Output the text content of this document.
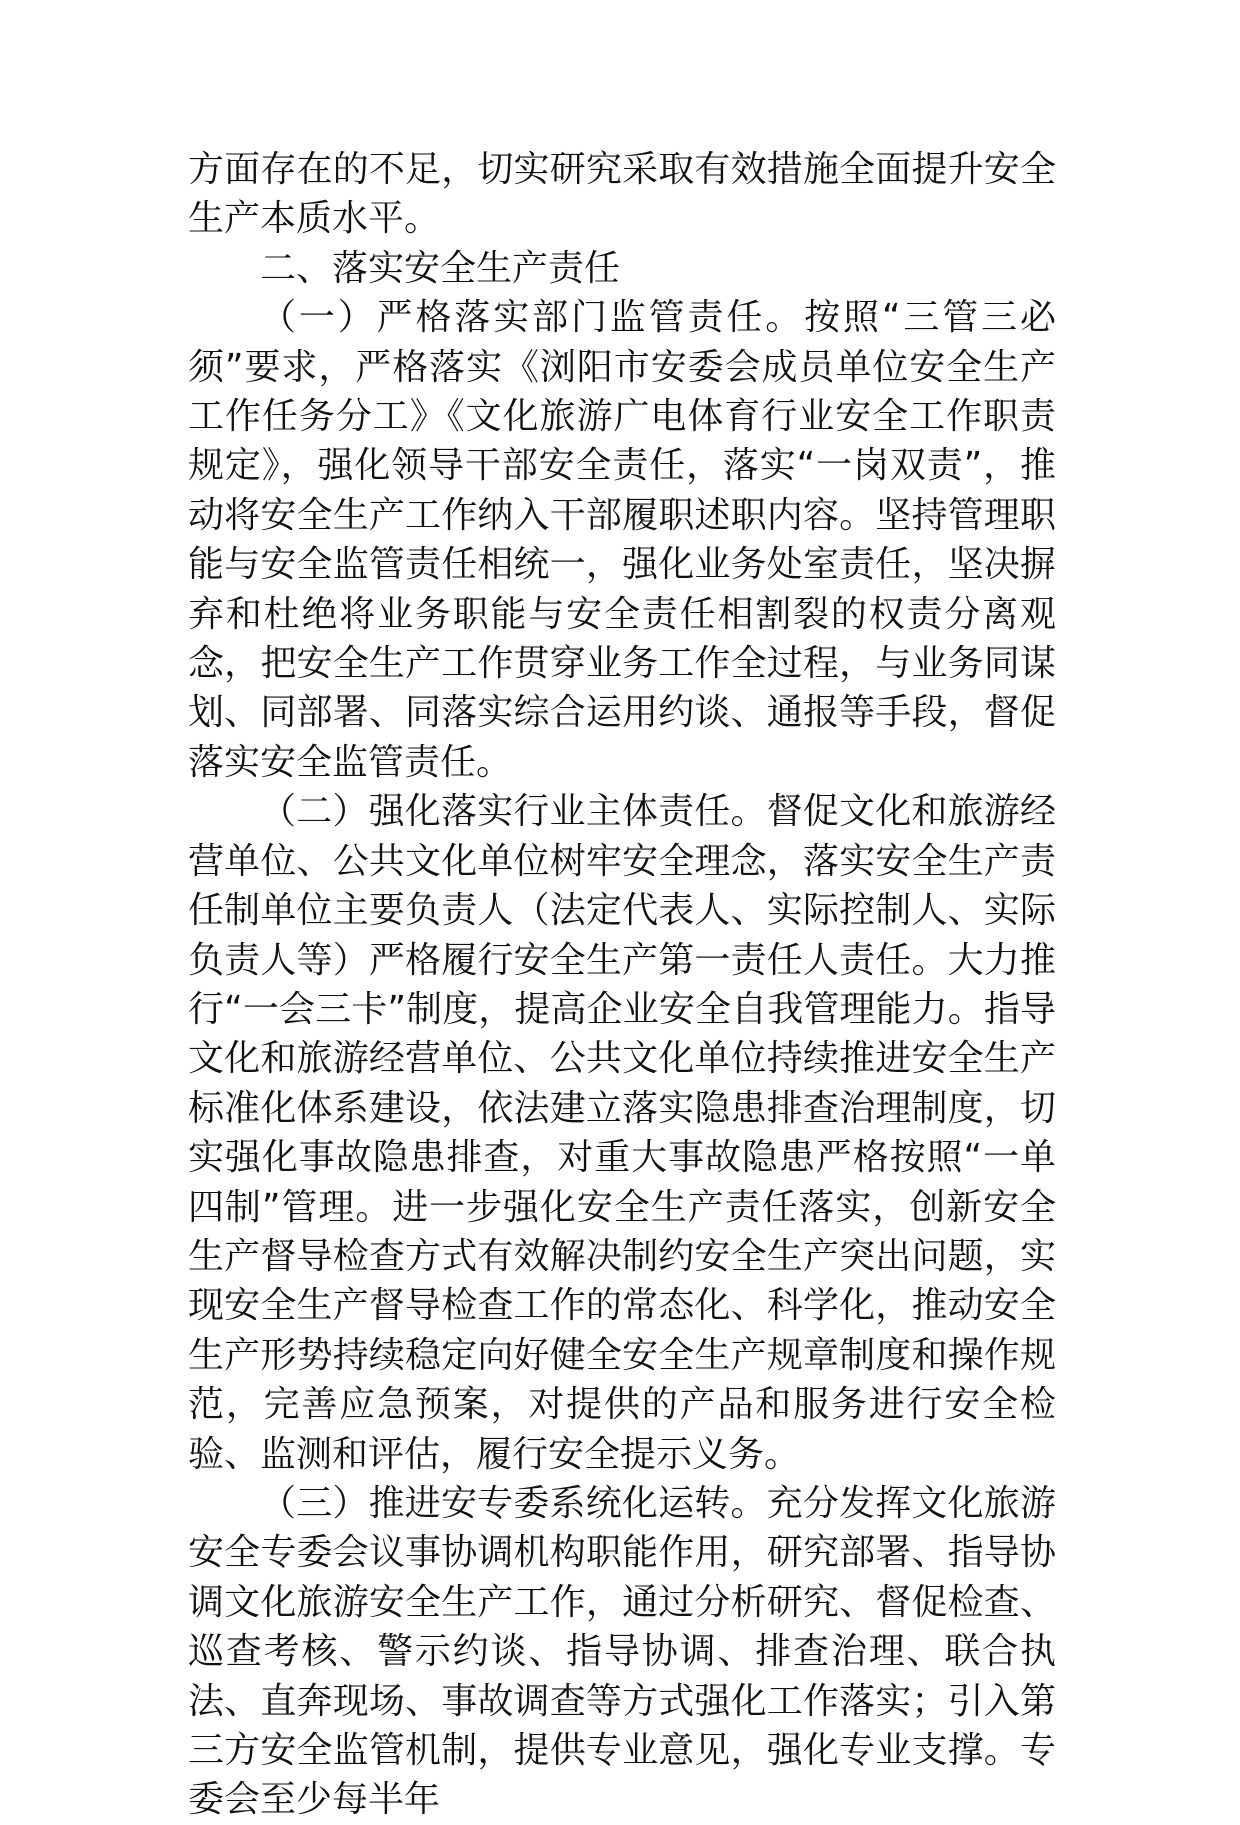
方面存在的不足，切实研究采取有效措施全面提升安全生产本质水平。

二、落实安全生产责任

（一）严格落实部门监管责任。按照“三管三必须”要求，严格落实《浏阳市安委会成员单位安全生产工作任务分工》《文化旅游广电体育行业安全工作职责规定》，强化领导干部安全责任，落实“一岗双责”，推动将安全生产工作纳入干部履职述职内容。坚持管理职能与安全监管责任相统一，强化业务处室责任，坚决摒弃和杜绝将业务职能与安全责任相割裂的权责分离观念，把安全生产工作贯穿业务工作全过程，与业务同谋划、同部署、同落实综合运用约谈、通报等手段，督促落实安全监管责任。

（二）强化落实行业主体责任。督促文化和旅游经营单位、公共文化单位树牢安全理念，落实安全生产责任制单位主要负责人（法定代表人、实际控制人、实际负责人等）严格履行安全生产第一责任人责任。大力推行“一会三卡”制度，提高企业安全自我管理能力。指导文化和旅游经营单位、公共文化单位持续推进安全生产标准化体系建设，依法建立落实隐患排查治理制度，切实强化事故隐患排查，对重大事故隐患严格按照“一单四制”管理。进一步强化安全生产责任落实，创新安全生产督导检查方式有效解决制约安全生产突出问题，实现安全生产督导检查工作的常态化、科学化，推动安全生产形势持续稳定向好健全安全生产规章制度和操作规范，完善应急预案，对提供的产品和服务进行安全检验、监测和评估，履行安全提示义务。

（三）推进安专委系统化运转。充分发挥文化旅游安全专委会议事协调机构职能作用，研究部署、指导协调文化旅游安全生产工作，通过分析研究、督促检查、巡查考核、警示约谈、指导协调、排查治理、联合执法、直奔现场、事故调查等方式强化工作落实；引入第三方安全监管机制，提供专业意见，强化专业支撑。专委会至少每半年
